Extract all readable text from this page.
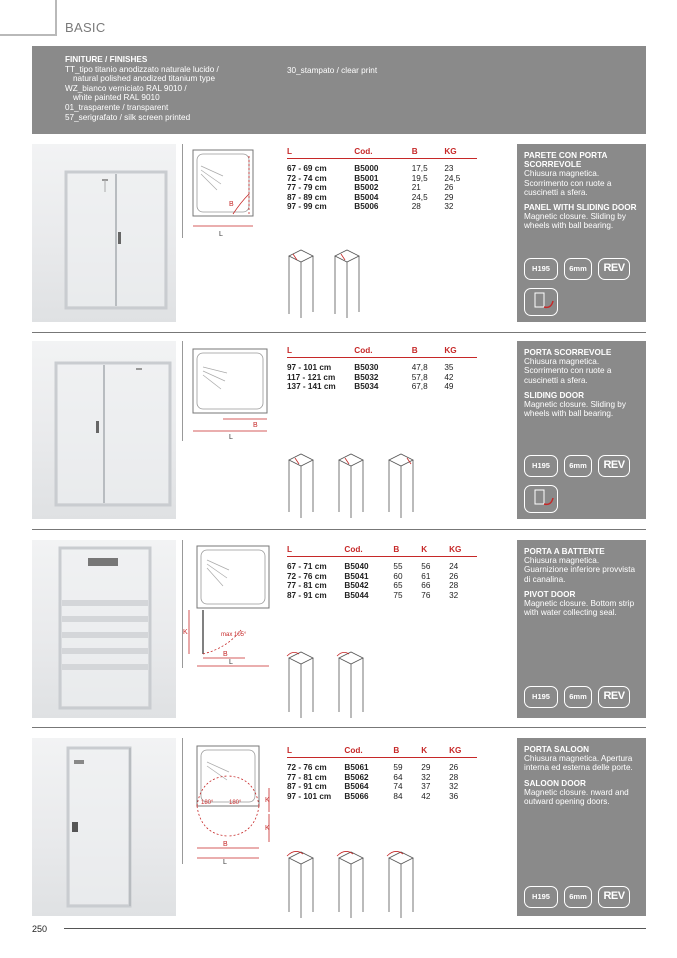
BASIC
FINITURE / FINISHES
TT_tipo titanio anodizzato naturale lucido /
natural polished anodized titanium type
WZ_bianco verniciato RAL 9010 /
white painted RAL 9010
01_trasparente / transparent
57_serigrafato / silk screen printed
30_stampato / clear print
B
L
L	Cod.	B	KG
67 - 69 cm	B5000	17,5	23
72 - 74 cm	B5001	19,5	24,5
77 - 79 cm	B5002	21	26
87 - 89 cm	B5004	24,5	29
97 - 99 cm	B5006	28	32
PARETE CON PORTA SCORREVOLE
Chiusura magnetica. Scorrimento con ruote a cuscinetti a sfera.
PANEL WITH SLIDING DOOR
Magnetic closure. Sliding by wheels with ball bearing.
H195	6mm	REV
B
L
L	Cod.	B	KG
97 - 101 cm	B5030	47,8	35
117 - 121 cm	B5032	57,8	42
137 - 141 cm	B5034	67,8	49
PORTA SCORREVOLE
Chiusura magnetica. Scorrimento con ruote a cuscinetti a sfera.
SLIDING DOOR
Magnetic closure. Sliding by wheels with ball bearing.
H195	6mm	REV
K	max 105°
B
L
L	Cod.	B	K	KG
67 - 71 cm	B5040	55	56	24
72 - 76 cm	B5041	60	61	26
77 - 81 cm	B5042	65	66	28
87 - 91 cm	B5044	75	76	32
PORTA A BATTENTE
Chiusura magnetica. Guarnizione inferiore provvista di canalina.
PIVOT DOOR
Magnetic closure. Bottom strip with water collecting seal.
H195	6mm	REV
180°	180°	K
K
B
L
L	Cod.	B	K	KG
72 - 76 cm	B5061	59	29	26
77 - 81 cm	B5062	64	32	28
87 - 91 cm	B5064	74	37	32
97 - 101 cm	B5066	84	42	36
PORTA SALOON
Chiusura magnetica. Apertura interna ed esterna delle porte.
SALOON DOOR
Magnetic closure. nward and outward opening doors.
H195	6mm	REV
250
